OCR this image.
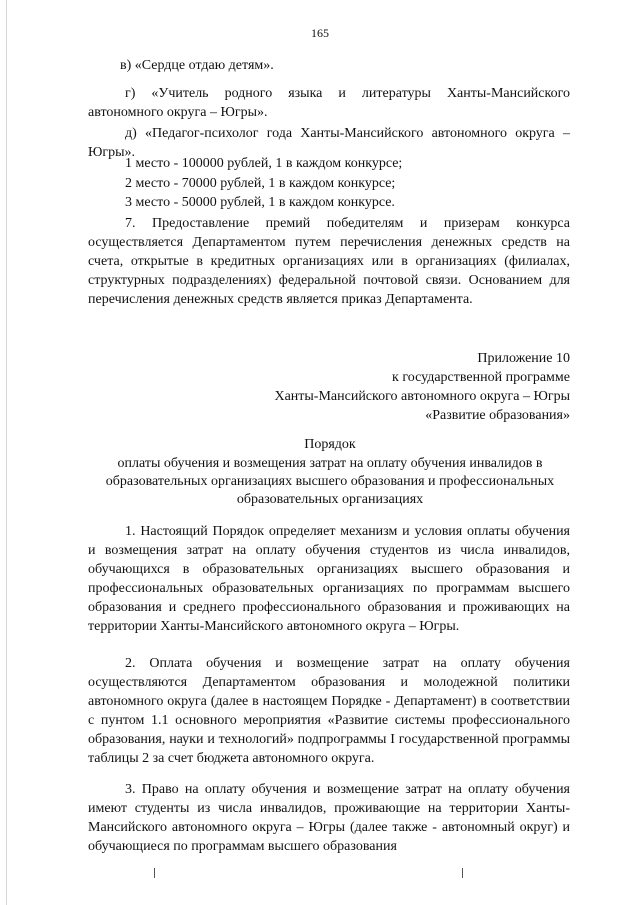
165

в) «Сердце отдаю детям».

г) «Учитель родного языка и литературы Ханты-Мансийского автономного округа – Югры».

д) «Педагог-психолог года Ханты-Мансийского автономного округа – Югры».

1 место - 100000 рублей, 1 в каждом конкурсе;

2 место - 70000 рублей, 1 в каждом конкурсе;

3 место - 50000 рублей, 1 в каждом конкурсе.

7. Предоставление премий победителям и призерам конкурса осуществляется Департаментом путем перечисления денежных средств на счета, открытые в кредитных организациях или в организациях (филиалах, структурных подразделениях) федеральной почтовой связи. Основанием для перечисления денежных средств является приказ Департамента.

Приложение 10

к государственной программе

Ханты-Мансийского автономного округа – Югры

«Развитие образования»

Порядок
оплаты обучения и возмещения затрат на оплату обучения инвалидов в
образовательных организациях высшего образования и профессиональных
образовательных организациях

1. Настоящий Порядок определяет механизм и условия оплаты обучения и возмещения затрат на оплату обучения студентов из числа инвалидов, обучающихся в образовательных организациях высшего образования и профессиональных образовательных организациях по программам высшего образования и среднего профессионального образования и проживающих на территории Ханты-Мансийского автономного округа – Югры.

2. Оплата обучения и возмещение затрат на оплату обучения осуществляются Департаментом образования и молодежной политики автономного округа (далее в настоящем Порядке - Департамент) в соответствии с пунтом 1.1 основного мероприятия «Развитие системы профессионального образования, науки и технологий» подпрограммы I государственной программы таблицы 2 за счет бюджета автономного округа.

3. Право на оплату обучения и возмещение затрат на оплату обучения имеют студенты из числа инвалидов, проживающие на территории Ханты-Мансийского автономного округа – Югры (далее также - автономный округ) и обучающиеся по программам высшего образования
